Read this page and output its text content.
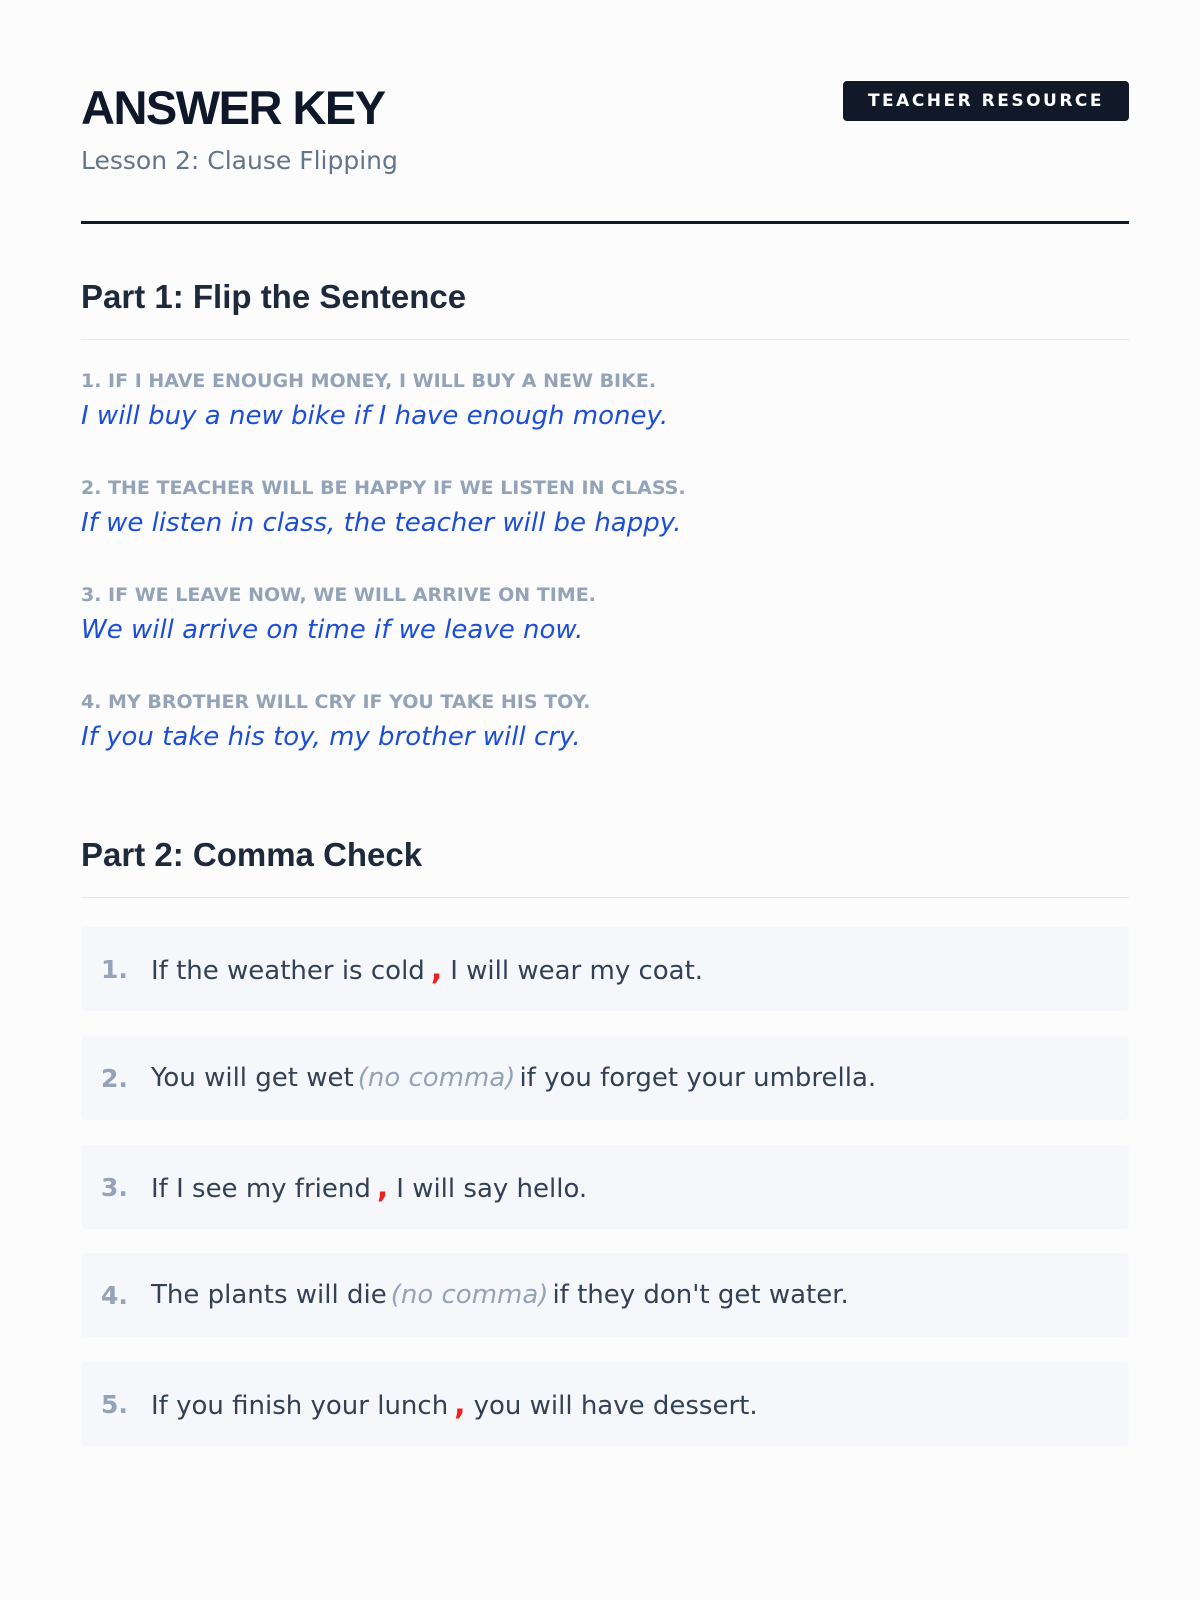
ANSWER KEY
Lesson 2: Clause Flipping
TEACHER RESOURCE
Part 1: Flip the Sentence
1. IF I HAVE ENOUGH MONEY, I WILL BUY A NEW BIKE.
I will buy a new bike if I have enough money.
2. THE TEACHER WILL BE HAPPY IF WE LISTEN IN CLASS.
If we listen in class, the teacher will be happy.
3. IF WE LEAVE NOW, WE WILL ARRIVE ON TIME.
We will arrive on time if we leave now.
4. MY BROTHER WILL CRY IF YOU TAKE HIS TOY.
If you take his toy, my brother will cry.
Part 2: Comma Check
1. If the weather is cold , I will wear my coat.
2. You will get wet (no comma) if you forget your umbrella.
3. If I see my friend , I will say hello.
4. The plants will die (no comma) if they don't get water.
5. If you finish your lunch , you will have dessert.
